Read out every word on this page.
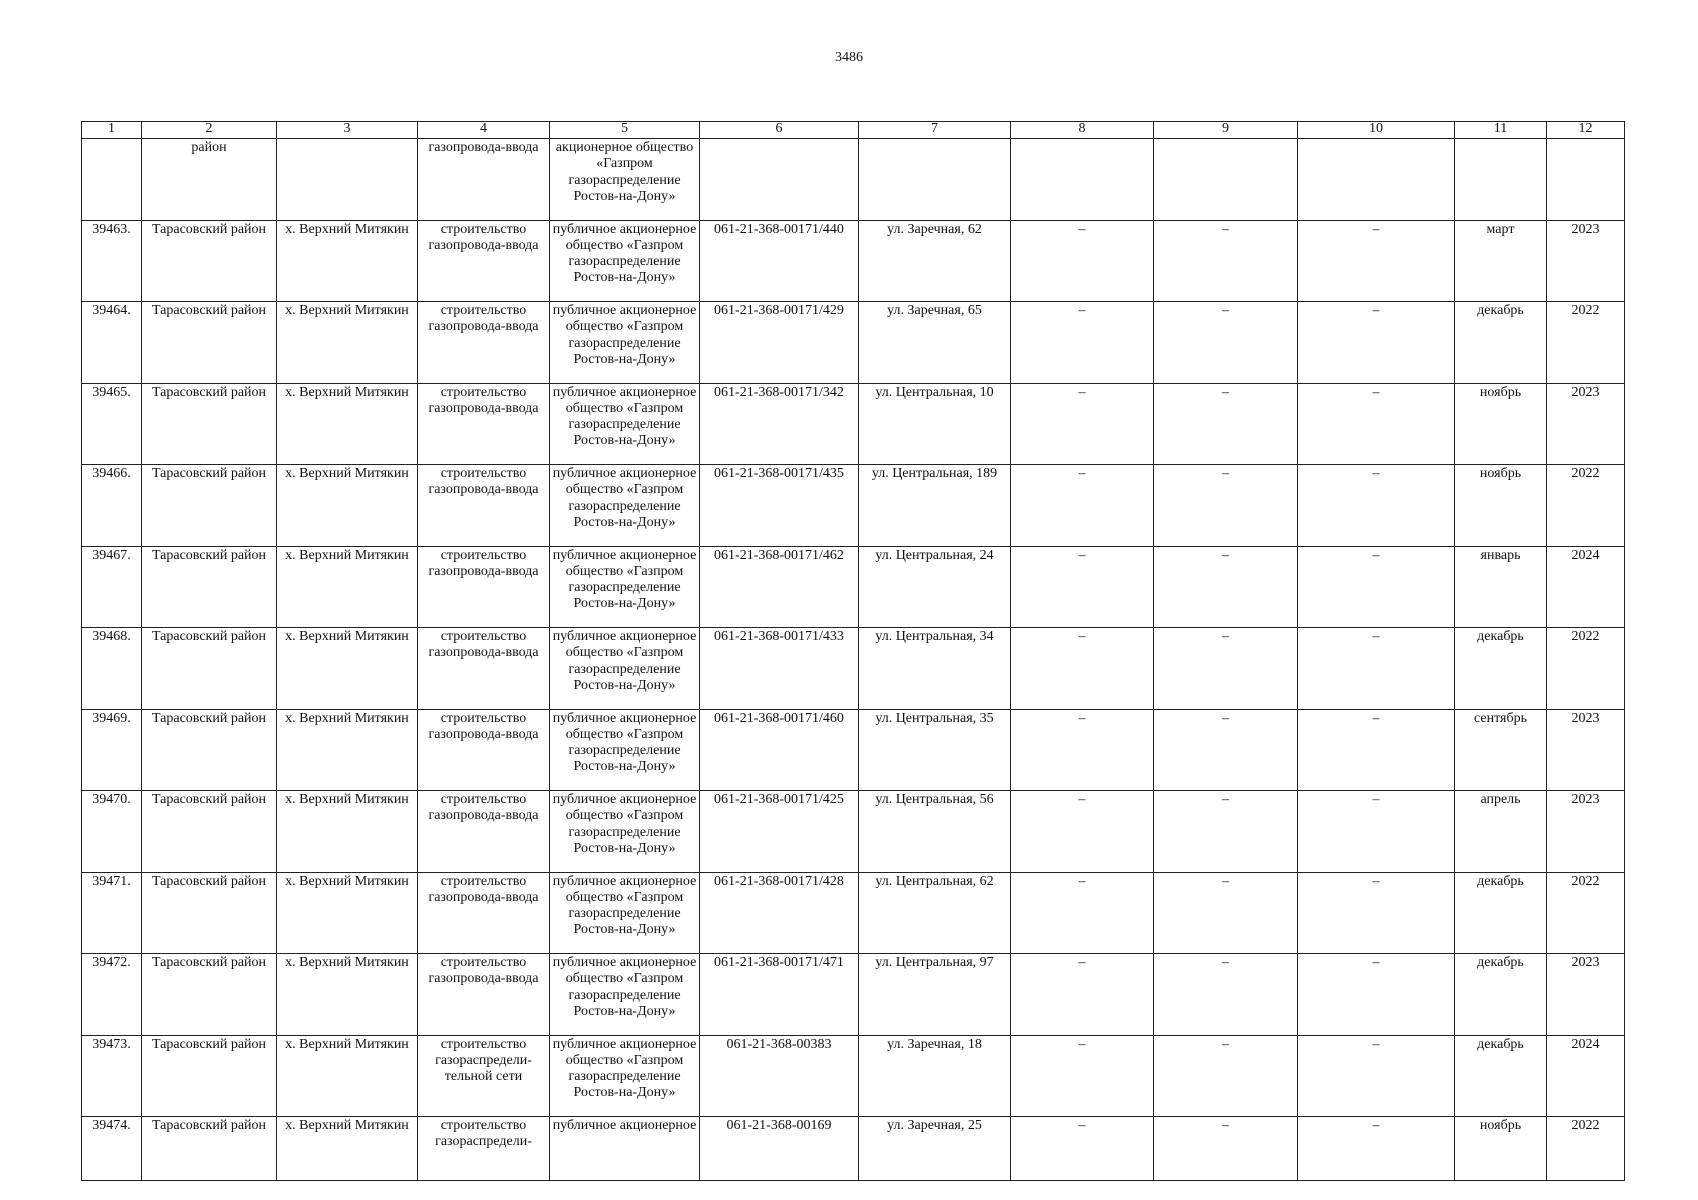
3486
1	2	3	4	5	6	7	8	9	10	11	12
	район		газопровода-ввода	акционерное общество «Газпром газораспределение Ростов-на-Дону»							
39463.	Тарасовский район	х. Верхний Митякин	строительство газопровода-ввода	публичное акционерное общество «Газпром газораспределение Ростов-на-Дону»	061-21-368-00171/440	ул. Заречная, 62	–	–	–	март	2023
39464.	Тарасовский район	х. Верхний Митякин	строительство газопровода-ввода	публичное акционерное общество «Газпром газораспределение Ростов-на-Дону»	061-21-368-00171/429	ул. Заречная, 65	–	–	–	декабрь	2022
39465.	Тарасовский район	х. Верхний Митякин	строительство газопровода-ввода	публичное акционерное общество «Газпром газораспределение Ростов-на-Дону»	061-21-368-00171/342	ул. Центральная, 10	–	–	–	ноябрь	2023
39466.	Тарасовский район	х. Верхний Митякин	строительство газопровода-ввода	публичное акционерное общество «Газпром газораспределение Ростов-на-Дону»	061-21-368-00171/435	ул. Центральная, 189	–	–	–	ноябрь	2022
39467.	Тарасовский район	х. Верхний Митякин	строительство газопровода-ввода	публичное акционерное общество «Газпром газораспределение Ростов-на-Дону»	061-21-368-00171/462	ул. Центральная, 24	–	–	–	январь	2024
39468.	Тарасовский район	х. Верхний Митякин	строительство газопровода-ввода	публичное акционерное общество «Газпром газораспределение Ростов-на-Дону»	061-21-368-00171/433	ул. Центральная, 34	–	–	–	декабрь	2022
39469.	Тарасовский район	х. Верхний Митякин	строительство газопровода-ввода	публичное акционерное общество «Газпром газораспределение Ростов-на-Дону»	061-21-368-00171/460	ул. Центральная, 35	–	–	–	сентябрь	2023
39470.	Тарасовский район	х. Верхний Митякин	строительство газопровода-ввода	публичное акционерное общество «Газпром газораспределение Ростов-на-Дону»	061-21-368-00171/425	ул. Центральная, 56	–	–	–	апрель	2023
39471.	Тарасовский район	х. Верхний Митякин	строительство газопровода-ввода	публичное акционерное общество «Газпром газораспределение Ростов-на-Дону»	061-21-368-00171/428	ул. Центральная, 62	–	–	–	декабрь	2022
39472.	Тарасовский район	х. Верхний Митякин	строительство газопровода-ввода	публичное акционерное общество «Газпром газораспределение Ростов-на-Дону»	061-21-368-00171/471	ул. Центральная, 97	–	–	–	декабрь	2023
39473.	Тарасовский район	х. Верхний Митякин	строительство газораспредели-тельной сети	публичное акционерное общество «Газпром газораспределение Ростов-на-Дону»	061-21-368-00383	ул. Заречная, 18	–	–	–	декабрь	2024
39474.	Тарасовский район	х. Верхний Митякин	строительство газораспредели-	публичное акционерное	061-21-368-00169	ул. Заречная, 25	–	–	–	ноябрь	2022
